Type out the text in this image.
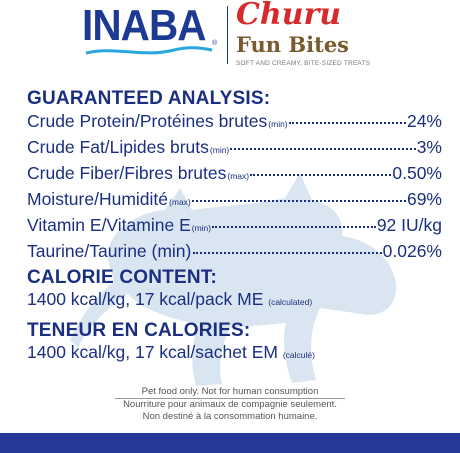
INABA ®
Churu
Fun Bites
SOFT AND CREAMY, BITE-SIZED TREATS
GUARANTEED ANALYSIS:
Crude Protein/Protéines brutes (min)	24%
Crude Fat/Lipides bruts (min)	3%
Crude Fiber/Fibres brutes (max)	0.50%
Moisture/Humidité (max)	69%
Vitamin E/Vitamine E (min)	92 IU/kg
Taurine/Taurine (min)	0.026%
CALORIE CONTENT:
1400 kcal/kg, 17 kcal/pack ME (calculated)
TENEUR EN CALORIES:
1400 kcal/kg, 17 kcal/sachet EM (calculé)
Pet food only. Not for human consumption
Nourriture pour animaux de compagnie seulement.
Non destiné à la consommation humaine.
